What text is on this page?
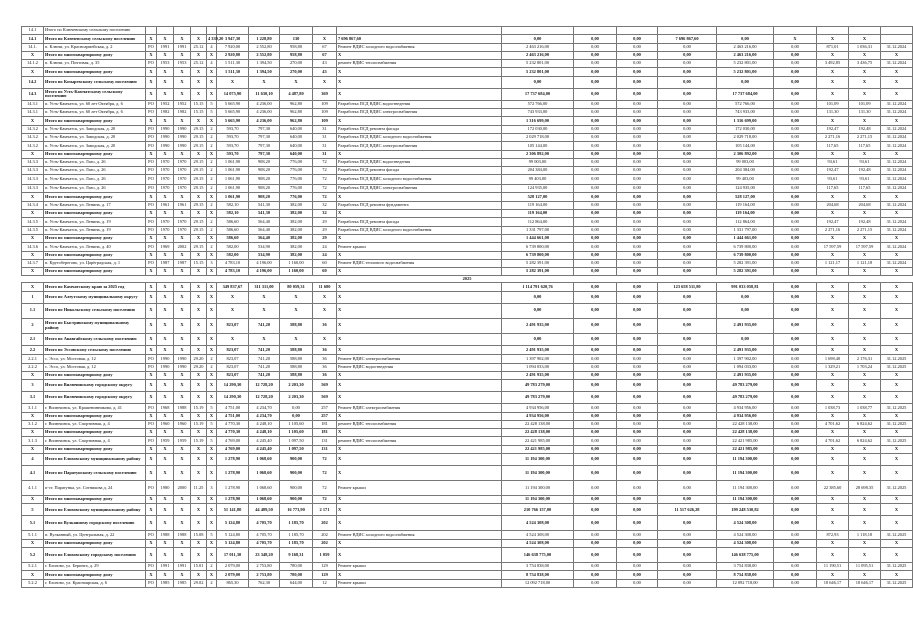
14.1	Итого по Ключевскому сельскому поселению																			
14.1	Итого по Ключевскому сельскому поселению	X	X	X	X	4 339,20	3 947,30	1 228,80	130	X	7 696 867,60	0,00	0,00	0,00	7 696 867,60	0,00	X	X	X	
14.1.	п. Ключи, ул. Красноармейская, д. 2	РО	1991	1991	25.12	4	7 920,00	2 552,80	958,80	67	Ремонт ВДИС холодного водоснабжения	2 463 216,00	0,00	0,00	0,00	2 463 216,00	0,00	871,01	1 036,31	31.12.2024
X	Итого по многоквартирному дому	X	X	X	X	X	2 920,80	2 552,80	958,80	67	X	2 463 216,00	0,00	0,00	0,00	2 463 216,00	0,00	X	X	X
14.1.2	п. Ключи, ул. Почтовая, д. 35	РО	1953	1953	25.12	4	1 511,30	1 394,50	270,00	43	ремонт ВДИС теплоснабжения	5 232 801,00	0,00	0,00	0,00	5 232 801,00	0,00	3 492,85	3 436,75	31.12.2024
X	Итого по многоквартирному дому	X	X	X	X	X	1 511,30	1 394,50	270,00	43	X	5 232 801,00	0,00	0,00	0,00	5 232 801,00	0,00	X	X	X
14.2	Итого по Козыревскому сельскому поселению	X	X	X	X	X	X	X	X	X	X	0,00	0,00	0,00	0,00	0,00	0,00	X	X	X
14.3	Итого по Усть-Камчатскому сельскому поселению	X	X	X	X	X	14 075,90	11 630,10	4 487,80	369	X	17 737 684,00	0,00	0,00	0,00	17 737 684,00	0,00	X	X	X
14.3.1	п. Усть-Камчатск, ул. 60 лет Октября, д. 6	РО	1952	1952	15.15	5	5 665,90	4 236,00	962,80	109	Разработка ПСД ВДИС водоотведения	572 766,00	0,00	0,00	0,00	572 766,00	0,00	101,09	101,09	31.12.2024
14.3.1	п. Усть-Камчатск, ул. 60 лет Октября, д. 6	РО	1982	1982	15.15	5	5 665,90	4 236,00	962,80	109	Разработка ПСД ВДИС электроснабжения	743 933,00	0,00	0,00	0,00	743 933,00	0,00	131,30	131,30	31.12.2024
X	Итого по многоквартирному дому	X	X	X	X	X	5 665,90	4 236,00	962,80	109	X	1 316 699,00	0,00	0,00	0,00	1 316 699,00	0,00	X	X	X
14.3.2	п. Усть-Камчатск, ул. Заводская, д. 20	РО	1990	1990	29.15	2	593,70	797,30	640,00	31	Разработка ПСД ремонта фасада	172 030,00	0,00	0,00	0,00	172 030,00	0,00	192,47	192,48	31.12.2024
14.3.2	п. Усть-Камчатск, ул. Заводская, д. 20	РО	1990	1990	29.15	2	593,70	797,30	640,00	31	Разработка ПСД ВДИС холодного водоснабжения	2 029 718,00	0,00	0,00	0,00	2 029 718,00	0,00	2 271,16	2 271,15	31.12.2024
14.3.2	п. Усть-Камчатск, ул. Заводская, д. 20	РО	1990	1990	29.15	2	593,70	797,30	640,00	31	Разработка ПСД ВДИС электроснабжения	105 144,00	0,00	0,00	0,00	105 144,00	0,00	117,65	117,65	31.12.2024
X	Итого по многоквартирному дому	X	X	X	X	X	593,70	797,30	640,00	31	X	2 306 892,00	0,00	0,00	0,00	2 306 892,00	0,00	X	X	X
14.3.3	п. Усть-Камчатск, ул. Лазо, д. 26	РО	1970	1970	29.15	2	1 061,90	908,20	776,00	72	Разработка ПСД ВДИС водоотведения	99 003,00	0,00	0,00	0,00	99 003,00	0,00	93,61	93,61	31.12.2024
14.3.3	п. Усть-Камчатск, ул. Лазо, д. 26	РО	1970	1970	29.15	2	1 061,90	908,20	776,00	72	Разработка ПСД ремонта фасада	204 384,00	0,00	0,00	0,00	204 384,00	0,00	192,47	192,48	31.12.2024
14.3.3	п. Усть-Камчатск, ул. Лазо, д. 26	РО	1970	1970	29.15	2	1 061,90	908,20	776,00	72	Разработка ПСД ВДИС холодного водоснабжения	99 403,00	0,00	0,00	0,00	99 403,00	0,00	93,61	93,61	31.12.2024
14.3.3	п. Усть-Камчатск, ул. Лазо, д. 26	РО	1970	1970	29.15	2	1 061,90	908,20	776,00	72	Разработка ПСД ВДИС электроснабжения	124 935,00	0,00	0,00	0,00	124 935,00	0,00	117,65	117,65	31.12.2024
X	Итого по многоквартирному дому	X	X	X	X	X	1 061,90	908,20	776,00	72	X	528 127,00	0,00	0,00	0,00	528 127,00	0,00	X	X	X
14.3.4	п. Усть-Камчатск, ул. Ленина, д. 17	РО	1961	1961	29.15	2	582,10	541,30	382,00	32	Разработка ПСД ремонта фундамента	119 164,00	0,00	0,00	0,00	119 164,00	0,00	204,68	204,68	31.12.2024
X	Итого по многоквартирному дому	X	X	X	X	X	582,10	541,30	382,00	32	X	119 164,00	0,00	0,00	0,00	119 164,00	0,00	X	X	X
14.3.5	п. Усть-Камчатск, ул. Ленина, д. 19	РО	1970	1970	29.15	2	586,60	564,40	382,00	29	Разработка ПСД ремонта фасада	112 864,00	0,00	0,00	0,00	112 864,00	0,00	192,47	192,48	31.12.2024
14.3.5	п. Усть-Камчатск, ул. Ленина, д. 19	РО	1970	1970	29.15	2	586,60	564,40	382,00	29	Разработка ПСД ВДИС холодного водоснабжения	1 331 797,00	0,00	0,00	0,00	1 331 797,00	0,00	2 271,16	2 271,15	31.12.2024
X	Итого по многоквартирному дому	X	X	X	X	X	586,60	564,40	382,00	29	X	1 444 661,00	0,00	0,00	0,00	1 444 661,00	0,00	X	X	X
14.3.6	п. Усть-Камчатск, ул. Ленина, д. 40	РО	1969	2002	29.15	2	582,00	534,90	382,00	24	Ремонт крыши	6 739 800,00	0,00	0,00	0,00	6 739 800,00	0,00	17 597,59	17 597,59	31.12.2024
X	Итого по многоквартирному дому	X	X	X	X	X	582,00	534,90	382,00	24	X	6 739 800,00	0,00	0,00	0,00	6 739 800,00	0,00	X	X	X
14.3.7	п. Крутоберегово, ул. Царёградская, д. 1	РО	1987	1987	15.15	3	4 783,10	4 196,00	1 160,00	60	Ремонт ВДИС теплового водоснабжения	5 282 391,00	0,00	0,00	0,00	5 282 391,00	0,00	1 121,17	1 121,18	31.12.2024
X	Итого по многоквартирному дому	X	X	X	X	X	4 783,10	4 196,00	1 160,00	60	X	5 282 391,00	0,00	0,00	0,00	5 282 391,00	0,00	X	X	X
2025																				
X	Итого по Камчатскому краю за 2025 год	X	X	X	X	X	349 837,67	311 311,00	80 059,31	11 680	X	1 114 791 620,76	0,00	0,00	123 658 511,80	991 033 058,81	0,00	X	X	X
1	Итого по Алеутскому муниципальному округу	X	X	X	X	X	X	X	X	X	X	0,00	0,00	0,00	0,00	0,00	0,00	X	X	X
1.1	Итого по Никольскому сельскому поселению	X	X	X	X	X	X	X	X	X	X	0,00	0,00	0,00	0,00	0,00	0,00	X	X	X
2	Итого по Быстринскому муниципальному району	X	X	X	X	X	823,07	741,20	588,80	36	X	2 491 935,00	0,00	0,00	0,00	2 491 935,00	0,00	X	X	X
2.1	Итого по Анавгайскому сельскому поселению	X	X	X	X	X	X	X	X	X	X	0,00	0,00	0,00	0,00	0,00	0,00	X	X	X
2.2	Итого по Эссовскому сельскому поселению	X	X	X	X	X	823,07	741,20	588,80	36	X	2 491 935,00	0,00	0,00	0,00	2 491 935,00	0,00	X	X	X
2.2.1	с. Эссо, ул. Мостовая, д. 12	РО	1990	1990	29.20	2	823,07	741,20	588,80	36	Ремонт ВДИС электроснабжения	1 397 902,00	0,00	0,00	0,00	1 397 902,00	0,00	1 698,40	2 176,31	31.12.2025
2.2.2	с. Эссо, ул. Мостовая, д. 12	РО	1990	1990	29.20	2	823,07	741,20	588,80	36	Ремонт ВДИС водоотведения	1 094 033,00	0,00	0,00	0,00	1 094 033,00	0,00	1 329,21	1 703,24	31.12.2025
X	Итого по многоквартирному дому	X	X	X	X	X	823,07	741,20	588,80	36	X	2 491 935,00	0,00	0,00	0,00	2 491 935,00	0,00	X	X	X
3	Итого по Вилючинскому городскому округу	X	X	X	X	X	14 290,30	12 728,20	2 203,30	569	X	49 783 279,00	0,00	0,00	0,00	49 783 279,00	0,00	X	X	X
3.1	Итого по Вилючинскому городскому округу	X	X	X	X	X	14 290,30	12 728,20	2 203,30	569	X	49 783 279,00	0,00	0,00	0,00	49 783 279,00	0,00	X	X	X
3.1.1	г. Вилючинск, ул. Крашенинникова, д. 41	РО	1968	1988	15.19	5	4 751,00	4 234,70	0,00	257	Ремонт ВДИС электроснабжения	4 934 956,00	0,00	0,00	0,00	4 934 956,00	0,00	1 038,73	1 038,77	31.12.2025
X	Итого по многоквартирному дому	X	X	X	X	X	4 751,00	4 234,70	0,00	257	X	4 934 956,00	0,00	0,00	0,00	4 934 956,00	0,00	X	X	X
3.1.2	г. Вилючинск, ул. Спортивная, д. 4	РО	1960	1960	15.19	5	4 770,30	4 248,10	1 105,60	181	ремонт ВДИС теплоснабжения	22 428 138,00	0,00	0,00	0,00	22 428 138,00	0,00	4 701,62	6 824,62	31.12.2025
X	Итого по многоквартирному дому	X	X	X	X	X	4 770,30	4 248,10	1 105,60	181	X	22 428 138,00	0,00	0,00	0,00	22 428 138,00	0,00	X	X	X
3.1.3	г. Вилючинск, ул. Спортивная, д. 4	РО	1959	1959	15.19	5	4 769,00	4 245,40	1 097,50	131	ремонт ВДИС теплоснабжения	22 421 985,00	0,00	0,00	0,00	22 421 985,00	0,00	4 701,62	6 824,62	31.12.2025
X	Итого по многоквартирному дому	X	X	X	X	X	4 769,00	4 245,40	1 097,50	131	X	22 421 985,00	0,00	0,00	0,00	22 421 985,00	0,00	X	X	X
4	Итого по Елизовскому муниципальному району	X	X	X	X	X	1 278,90	1 068,60	900,00	72	X	11 194 300,00	0,00	0,00	0,00	11 194 300,00	0,00	X	X	X
4.1	Итого по Паратунскому сельскому поселению	X	X	X	X	X	1 278,90	1 068,60	900,00	72	X	11 194 300,00	0,00	0,00	0,00	11 194 300,00	0,00	X	X	X
4.1.1	п-ст. Паратунка, ул. Сотникова д. 24	РО	1980	2000	11.25	3	1 278,90	1 068,60	900,00	72	Ремонт крыши	11 194 300,00	0,00	0,00	0,00	11 194 300,00	0,00	22 385,60	28 698,35	31.12.2025
X	Итого по многоквартирному дому	X	X	X	X	X	1 278,90	1 068,60	900,00	72	X	11 194 300,00	0,00	0,00	0,00	11 194 300,00	0,00	X	X	X
5	Итого по Елизовскому муниципальному району	X	X	X	X	X	51 141,80	44 489,50	16 773,90	2 171	X	210 766 157,00	0,00	0,00	11 517 626,28	199 248 530,82	0,00	X	X	X
5.1	Итого по Вулканному городскому поселению	X	X	X	X	X	5 124,80	4 705,70	1 185,70	202	X	4 524 308,00	0,00	0,00	0,00	4 524 308,00	0,00	X	X	X
5.1.1	п. Вулканный, ул. Центральная, д. 22	РО	1988	1988	15.08	5	5 124,80	4 705,70	1 185,70	202	Ремонт ВДИС холодного водоснабжения	4 524 308,00	0,00	0,00	0,00	4 524 308,00	0,00	872,93	1 118,18	31.12.2025
X	Итого по многоквартирному дому	X	X	X	X	X	5 124,80	4 705,70	1 185,70	202	X	4 524 308,00	0,00	0,00	0,00	4 524 308,00	0,00	X	X	X
5.2	Итого по Елизовскому городскому поселению	X	X	X	X	X	17 011,30	23 348,20	9 168,31	1 059	X	146 638 775,00	0,00	0,00	0,00	146 638 775,00	0,00	X	X	X
5.2.1	г. Елизово, ул. Беринга, д. 29	РО	1991	1991	15.01	2	2 079,00	2 753,80	780,00	129	Ремонт крыши	3 754 838,00	0,00	0,00	0,00	3 754 838,00	0,00	11 190,51	11 095,51	31.12.2025
X	Итого по многоквартирному дому	X	X	X	X	X	2 079,00	2 753,80	780,00	129	X	8 754 838,00	0,00	0,00	0,00	8 754 838,00	0,00	X	X	X
5.2.2	г. Елизово, ул. Красноярская, д. 6	РО	1985	1985	29.02	2	865,30	762,30	644,00	12	Ремонт крыши	12 092 718,00	0,00	0,00	0,00	12 092 718,00	0,00	18 646,17	18 646,17	31.12.2025
